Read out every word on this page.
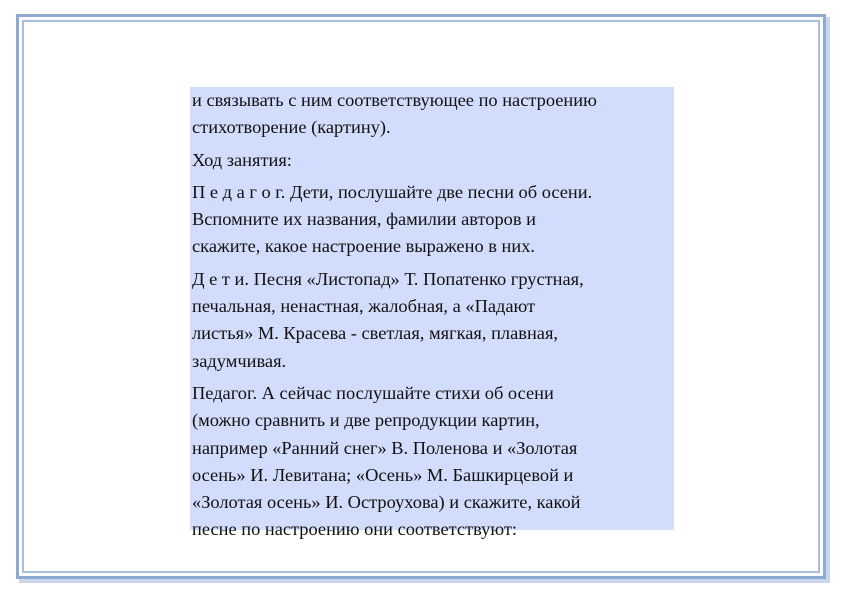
и связывать с ним соответствующее по настроению
стихотворение (картину).

Ход занятия:

П е д а г о г. Дети, послушайте две песни об осени.
Вспомните их названия, фамилии авторов и
скажите, какое настроение выражено в них.

Д е т и. Песня «Листопад» Т. Попатенко грустная,
печальная, ненастная, жалобная, а «Падают
листья» М. Красева - светлая, мягкая, плавная,
задумчивая.

Педагог. А сейчас послушайте стихи об осени
(можно сравнить и две репродукции картин,
например «Ранний снег» В. Поленова и «Золотая
осень» И. Левитана; «Осень» М. Башкирцевой и
«Золотая осень» И. Остроухова) и скажите, какой
песне по настроению они соответствуют:
